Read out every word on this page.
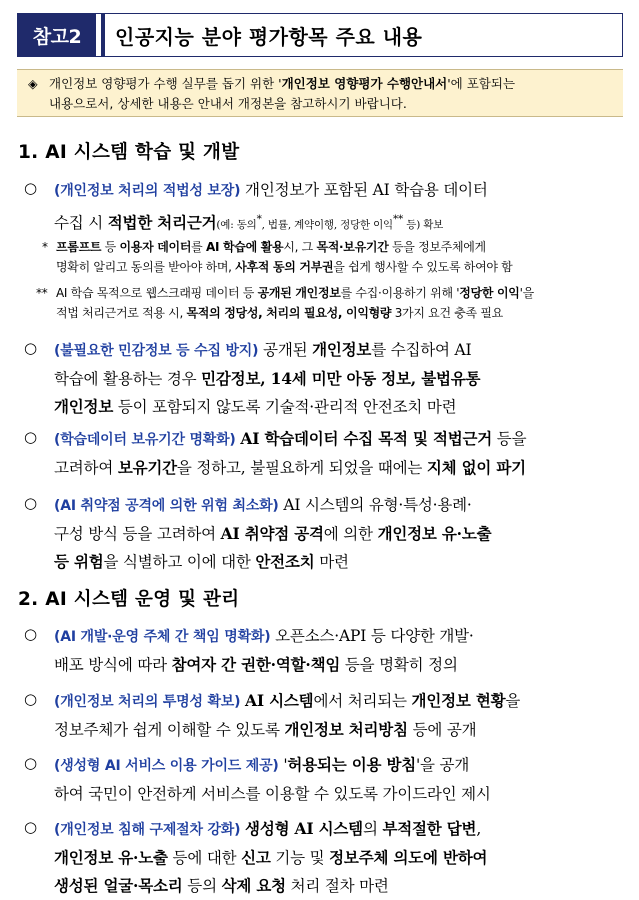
참고2	인공지능 분야 평가항목 주요 내용
◈ 개인정보 영향평가 수행 실무를 돕기 위한 '개인정보 영향평가 수행안내서'에 포함되는
내용으로서, 상세한 내용은 안내서 개정본을 참고하시기 바랍니다.
1. AI 시스템 학습 및 개발
○ (개인정보 처리의 적법성 보장) 개인정보가 포함된 AI 학습용 데이터
수집 시 적법한 처리근거(예: 동의*, 법률, 계약이행, 정당한 이익** 등) 확보
* 프롬프트 등 이용자 데이터를 AI 학습에 활용시, 그 목적·보유기간 등을 정보주체에게
명확히 알리고 동의를 받아야 하며, 사후적 동의 거부권을 쉽게 행사할 수 있도록 하여야 함
** AI 학습 목적으로 웹스크래핑 데이터 등 공개된 개인정보를 수집·이용하기 위해 '정당한 이익'을
적법 처리근거로 적용 시, 목적의 정당성, 처리의 필요성, 이익형량 3가지 요건 충족 필요
○ (불필요한 민감정보 등 수집 방지) 공개된 개인정보를 수집하여 AI
학습에 활용하는 경우 민감정보, 14세 미만 아동 정보, 불법유통
개인정보 등이 포함되지 않도록 기술적·관리적 안전조치 마련
○ (학습데이터 보유기간 명확화) AI 학습데이터 수집 목적 및 적법근거 등을
고려하여 보유기간을 정하고, 불필요하게 되었을 때에는 지체 없이 파기
○ (AI 취약점 공격에 의한 위험 최소화) AI 시스템의 유형·특성·용례·
구성 방식 등을 고려하여 AI 취약점 공격에 의한 개인정보 유·노출
등 위험을 식별하고 이에 대한 안전조치 마련
2. AI 시스템 운영 및 관리
○ (AI 개발·운영 주체 간 책임 명확화) 오픈소스·API 등 다양한 개발·
배포 방식에 따라 참여자 간 권한·역할·책임 등을 명확히 정의
○ (개인정보 처리의 투명성 확보) AI 시스템에서 처리되는 개인정보 현황을
정보주체가 쉽게 이해할 수 있도록 개인정보 처리방침 등에 공개
○ (생성형 AI 서비스 이용 가이드 제공) '허용되는 이용 방침'을 공개
하여 국민이 안전하게 서비스를 이용할 수 있도록 가이드라인 제시
○ (개인정보 침해 구제절차 강화) 생성형 AI 시스템의 부적절한 답변,
개인정보 유·노출 등에 대한 신고 기능 및 정보주체 의도에 반하여
생성된 얼굴·목소리 등의 삭제 요청 처리 절차 마련
